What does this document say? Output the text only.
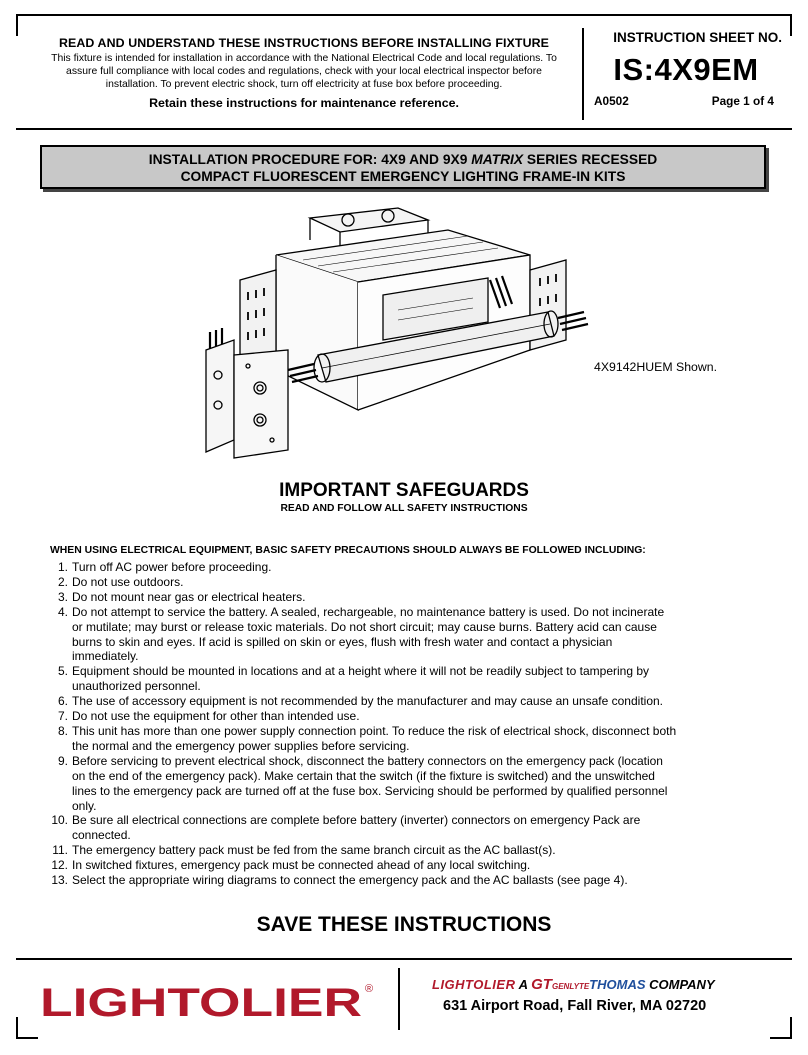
READ AND UNDERSTAND THESE INSTRUCTIONS BEFORE INSTALLING FIXTURE
This fixture is intended for installation in accordance with the National Electrical Code and local regulations. To
assure full compliance with local codes and regulations, check with your local electrical inspector before
installation. To prevent electric shock, turn off electricity at fuse box before proceeding.
Retain these instructions for maintenance reference.
INSTRUCTION SHEET NO.
IS:4X9EM
A0502	Page 1 of 4
INSTALLATION PROCEDURE FOR: 4X9 AND 9X9 MATRIX SERIES RECESSED
COMPACT FLUORESCENT EMERGENCY LIGHTING FRAME-IN KITS
4X9142HUEM Shown.
IMPORTANT SAFEGUARDS
READ AND FOLLOW ALL SAFETY INSTRUCTIONS
WHEN USING ELECTRICAL EQUIPMENT, BASIC SAFETY PRECAUTIONS SHOULD ALWAYS BE FOLLOWED INCLUDING:
1. Turn off AC power before proceeding.
2. Do not use outdoors.
3. Do not mount near gas or electrical heaters.
4. Do not attempt to service the battery. A sealed, rechargeable, no maintenance battery is used. Do not incinerate
or mutilate; may burst or release toxic materials. Do not short circuit; may cause burns. Battery acid can cause
burns to skin and eyes. If acid is spilled on skin or eyes, flush with fresh water and contact a physician
immediately.
5. Equipment should be mounted in locations and at a height where it will not be readily subject to tampering by
unauthorized personnel.
6. The use of accessory equipment is not recommended by the manufacturer and may cause an unsafe condition.
7. Do not use the equipment for other than intended use.
8. This unit has more than one power supply connection point. To reduce the risk of electrical shock, disconnect both
the normal and the emergency power supplies before servicing.
9. Before servicing to prevent electrical shock, disconnect the battery connectors on the emergency pack (location
on the end of the emergency pack). Make certain that the switch (if the fixture is switched) and the unswitched
lines to the emergency pack are turned off at the fuse box. Servicing should be performed by qualified personnel
only.
10. Be sure all electrical connections are complete before battery (inverter) connectors on emergency Pack are
connected.
11. The emergency battery pack must be fed from the same branch circuit as the AC ballast(s).
12. In switched fixtures, emergency pack must be connected ahead of any local switching.
13. Select the appropriate wiring diagrams to connect the emergency pack and the AC ballasts (see page 4).
SAVE THESE INSTRUCTIONS
LIGHTOLIER ®	LIGHTOLIER A GTGENLYTETHOMAS COMPANY
631 Airport Road, Fall River, MA 02720
